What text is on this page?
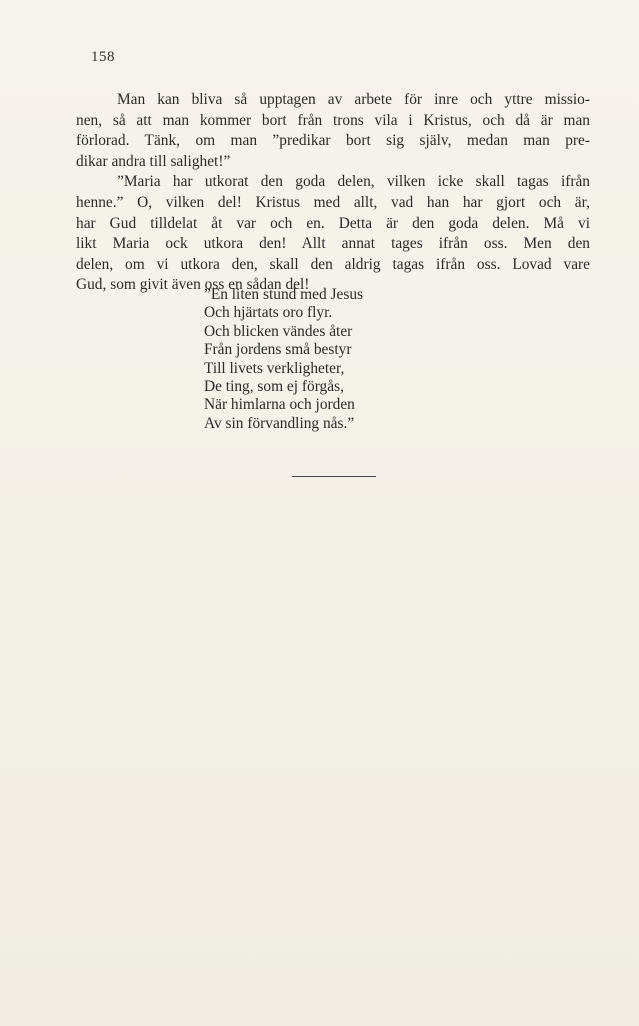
158

Man kan bliva så upptagen av arbete för inre och yttre missio-
nen, så att man kommer bort från trons vila i Kristus, och då är man
förlorad. Tänk, om man ”predikar bort sig själv, medan man pre-
dikar andra till salighet!”

”Maria har utkorat den goda delen, vilken icke skall tagas ifrån
henne.” O, vilken del! Kristus med allt, vad han har gjort och är,
har Gud tilldelat åt var och en. Detta är den goda delen. Må vi
likt Maria ock utkora den! Allt annat tages ifrån oss. Men den
delen, om vi utkora den, skall den aldrig tagas ifrån oss. Lovad vare
Gud, som givit även oss en sådan del!

”En liten stund med Jesus
Och hjärtats oro flyr.
Och blicken vändes åter
Från jordens små bestyr
Till livets verkligheter,
De ting, som ej förgås,
När himlarna och jorden
Av sin förvandling nås.”
